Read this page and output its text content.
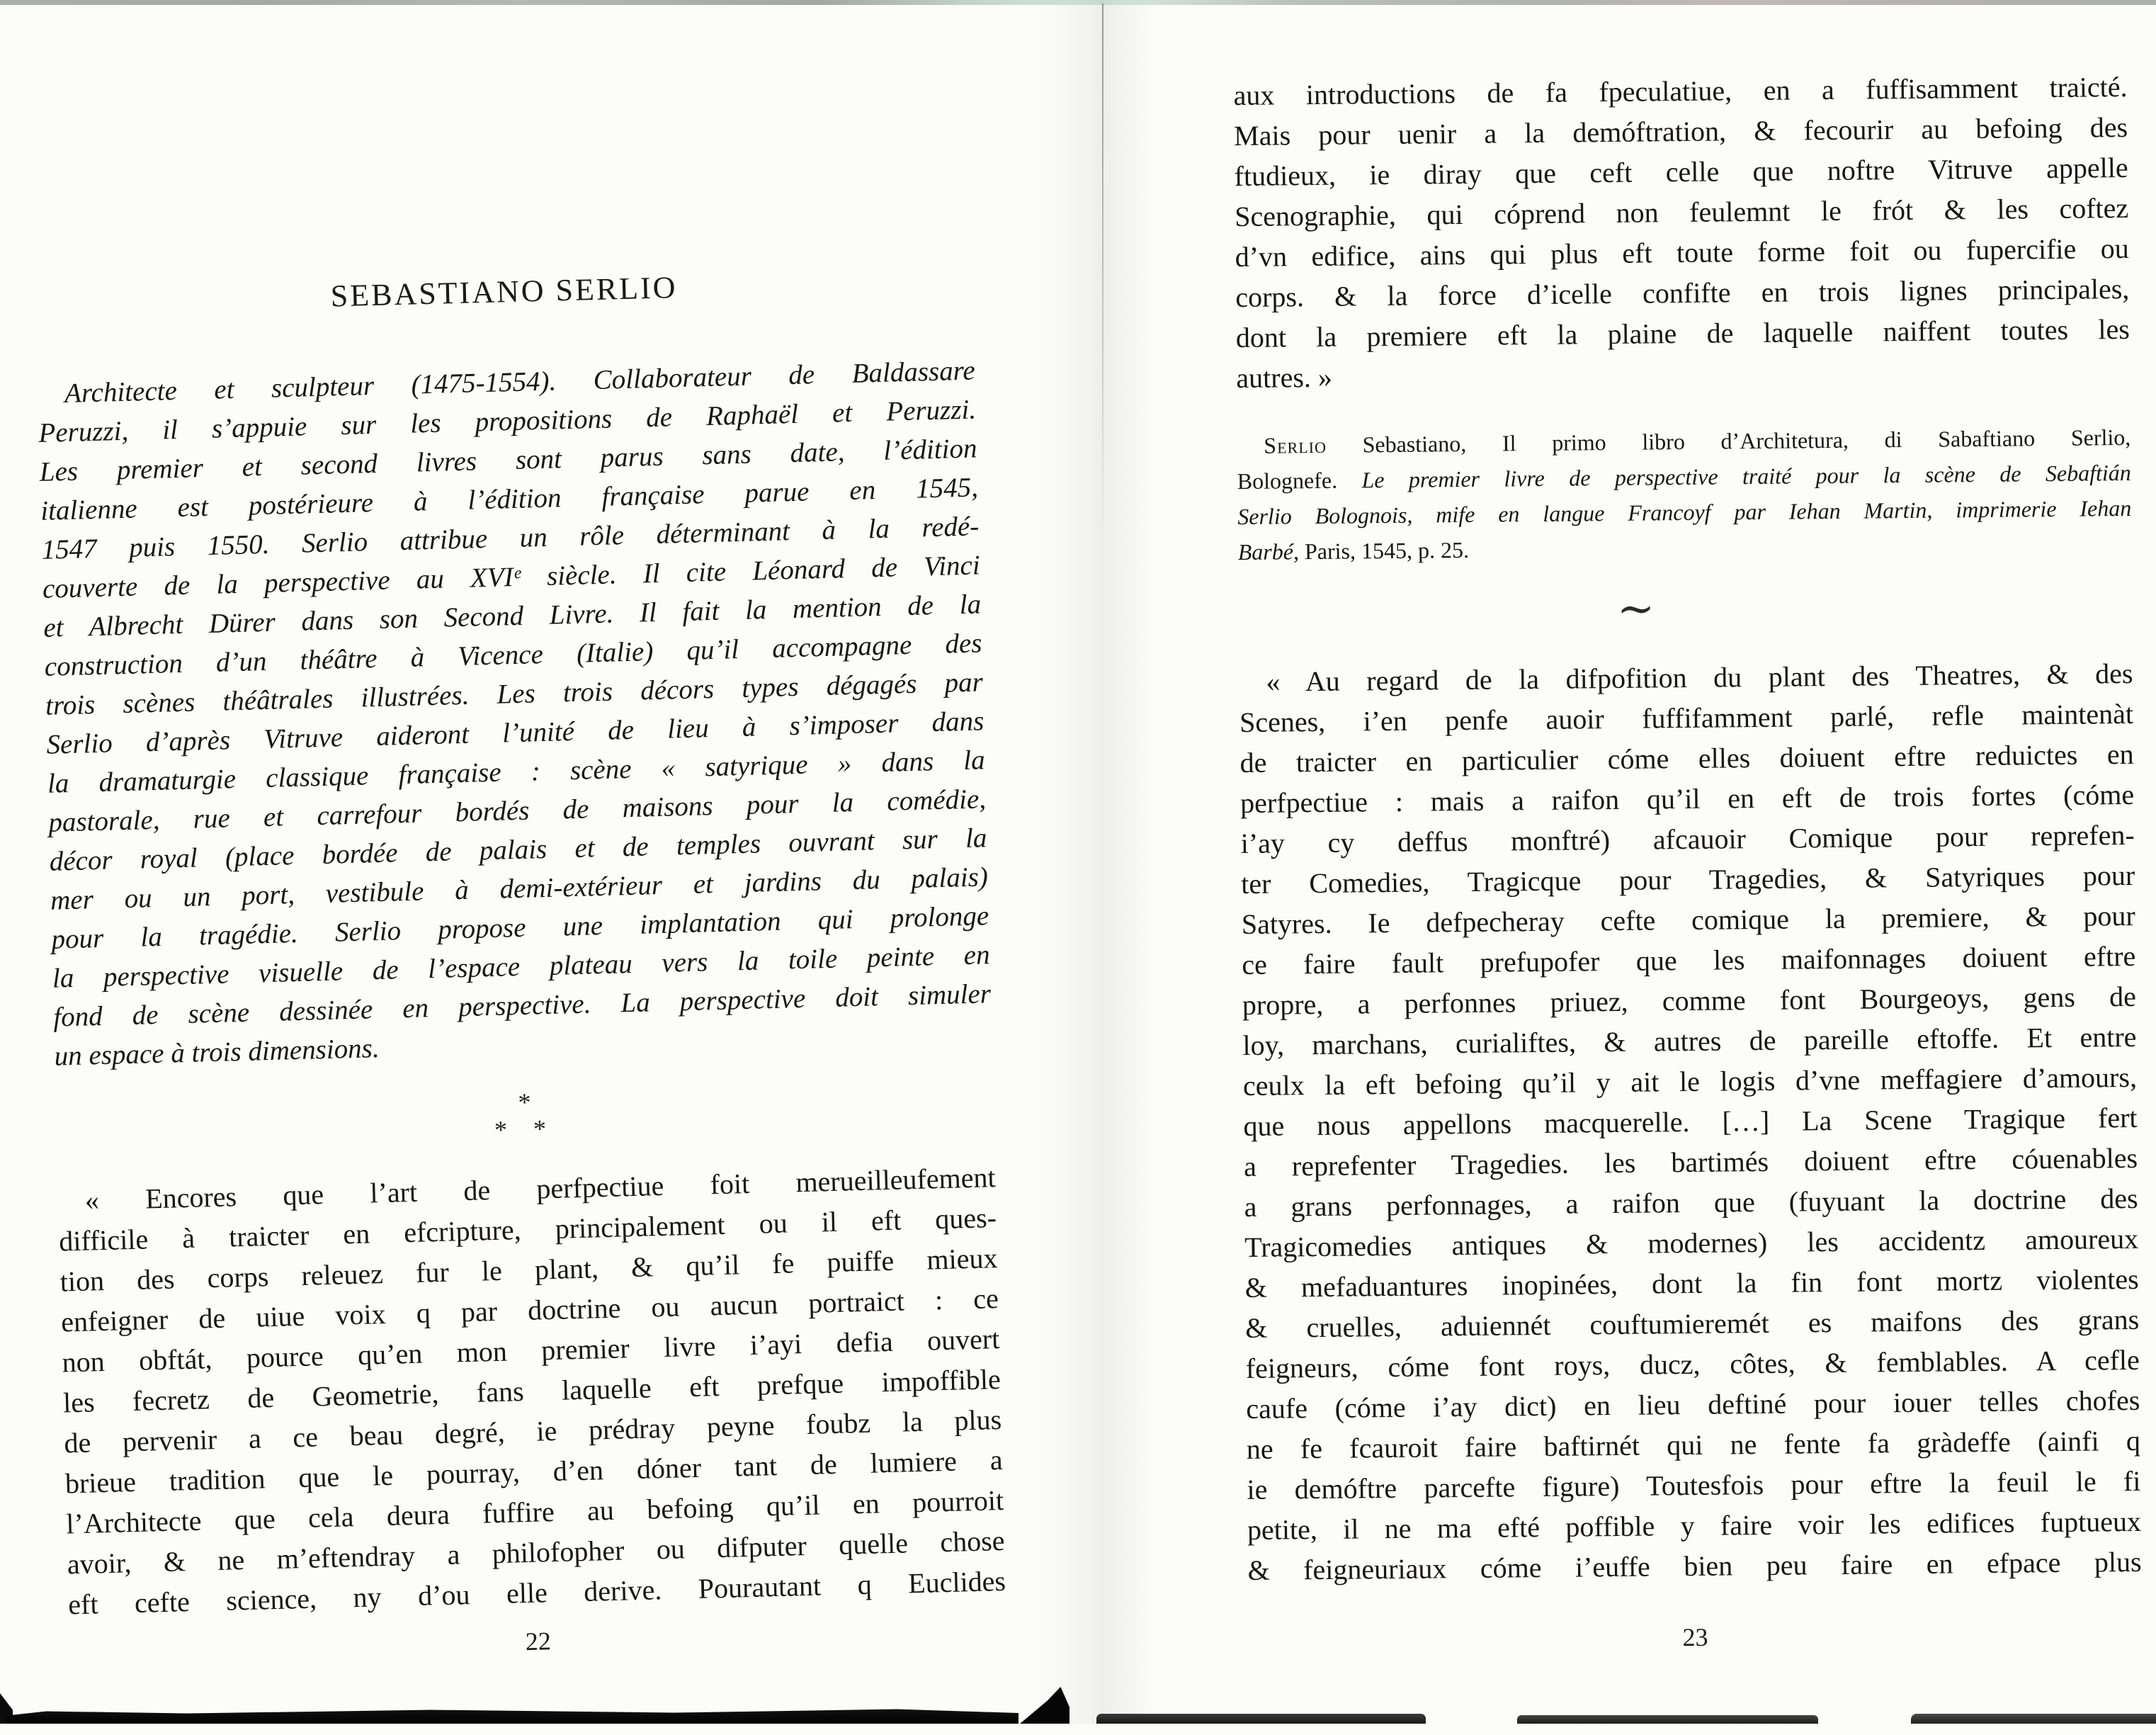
SEBASTIANO SERLIO
Architecte et sculpteur (1475-1554). Collaborateur de Baldassare
Peruzzi, il s’appuie sur les propositions de Raphaël et Peruzzi.
Les premier et second livres sont parus sans date, l’édition
italienne est postérieure à l’édition française parue en 1545,
1547 puis 1550. Serlio attribue un rôle déterminant à la redé-
couverte de la perspective au XVIᵉ siècle. Il cite Léonard de Vinci
et Albrecht Dürer dans son Second Livre. Il fait la mention de la
construction d’un théâtre à Vicence (Italie) qu’il accompagne des
trois scènes théâtrales illustrées. Les trois décors types dégagés par
Serlio d’après Vitruve aideront l’unité de lieu à s’imposer dans
la dramaturgie classique française : scène « satyrique » dans la
pastorale, rue et carrefour bordés de maisons pour la comédie,
décor royal (place bordée de palais et de temples ouvrant sur la
mer ou un port, vestibule à demi-extérieur et jardins du palais)
pour la tragédie. Serlio propose une implantation qui prolonge
la perspective visuelle de l’espace plateau vers la toile peinte en
fond de scène dessinée en perspective. La perspective doit simuler
un espace à trois dimensions.
*
* *
« Encores que l’art de perfpectiue foit merueilleufement
difficile à traicter en efcripture, principalement ou il eft ques-
tion des corps releuez fur le plant, & qu’il fe puiffe mieux
enfeigner de uiue voix q par doctrine ou aucun portraict : ce
non obftát, pource qu’en mon premier livre i’ayi defia ouvert
les fecretz de Geometrie, fans laquelle eft prefque impoffible
de pervenir a ce beau degré, ie prédray peyne foubz la plus
brieue tradition que le pourray, d’en dóner tant de lumiere a
l’Architecte que cela deura fuffire au befoing qu’il en pourroit
avoir, & ne m’eftendray a philofopher ou difputer quelle chose
eft cefte science, ny d’ou elle derive. Pourautant q Euclides
22
aux introductions de fa fpeculatiue, en a fuffisamment traicté.
Mais pour uenir a la demóftration, & fecourir au befoing des
ftudieux, ie diray que ceft celle que noftre Vitruve appelle
Scenographie, qui cóprend non feulemnt le frót & les coftez
d’vn edifice, ains qui plus eft toute forme foit ou fupercifie ou
corps. & la force d’icelle confifte en trois lignes principales,
dont la premiere eft la plaine de laquelle naiffent toutes les
autres. »
Serlio Sebastiano, Il primo libro d’Architetura, di Sabaftiano Serlio,
Bolognefe. Le premier livre de perspective traité pour la scène de Sebaftián
Serlio Bolognois, mife en langue Francoyf par Iehan Martin, imprimerie Iehan
Barbé, Paris, 1545, p. 25.
∼
« Au regard de la difpofition du plant des Theatres, & des
Scenes, i’en penfe auoir fuffifamment parlé, refle maintenàt
de traicter en particulier cóme elles doiuent eftre reduictes en
perfpectiue : mais a raifon qu’il en eft de trois fortes (cóme
i’ay cy deffus monftré) afcauoir Comique pour reprefen-
ter Comedies, Tragicque pour Tragedies, & Satyriques pour
Satyres. Ie defpecheray cefte comique la premiere, & pour
ce faire fault prefupofer que les maifonnages doiuent eftre
propre, a perfonnes priuez, comme font Bourgeoys, gens de
loy, marchans, curialiftes, & autres de pareille eftoffe. Et entre
ceulx la eft befoing qu’il y ait le logis d’vne meffagiere d’amours,
que nous appellons macquerelle. […] La Scene Tragique fert
a reprefenter Tragedies. les bartimés doiuent eftre cóuenables
a grans perfonnages, a raifon que (fuyuant la doctrine des
Tragicomedies antiques & modernes) les accidentz amoureux
& mefaduantures inopinées, dont la fin font mortz violentes
& cruelles, aduiennét couftumieremét es maifons des grans
feigneurs, cóme font roys, ducz, côtes, & femblables. A cefle
caufe (cóme i’ay dict) en lieu deftiné pour iouer telles chofes
ne fe fcauroit faire baftirnét qui ne fente fa gràdeffe (ainfi q
ie demóftre parcefte figure) Toutesfois pour eftre la feuil le fi
petite, il ne ma efté poffible y faire voir les edifices fuptueux
& feigneuriaux cóme i’euffe bien peu faire en efpace plus
23
